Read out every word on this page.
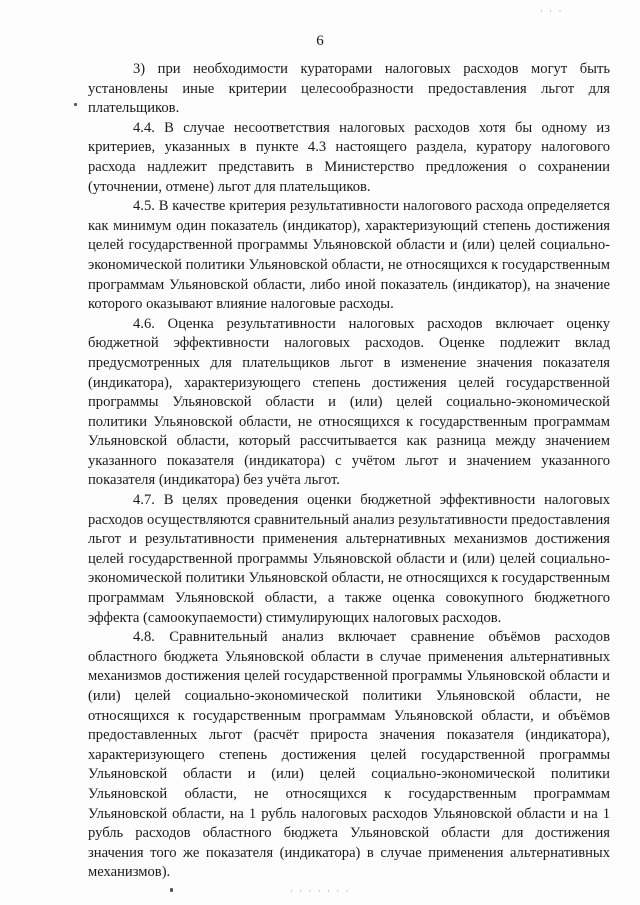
6

3) при необходимости кураторами налоговых расходов могут быть установлены иные критерии целесообразности предоставления льгот для плательщиков.

4.4. В случае несоответствия налоговых расходов хотя бы одному из критериев, указанных в пункте 4.3 настоящего раздела, куратору налогового расхода надлежит представить в Министерство предложения о сохранении (уточнении, отмене) льгот для плательщиков.

4.5. В качестве критерия результативности налогового расхода определяется как минимум один показатель (индикатор), характеризующий степень достижения целей государственной программы Ульяновской области и (или) целей социально-экономической политики Ульяновской области, не относящихся к государственным программам Ульяновской области, либо иной показатель (индикатор), на значение которого оказывают влияние налоговые расходы.

4.6. Оценка результативности налоговых расходов включает оценку бюджетной эффективности налоговых расходов. Оценке подлежит вклад предусмотренных для плательщиков льгот в изменение значения показателя (индикатора), характеризующего степень достижения целей государственной программы Ульяновской области и (или) целей социально-экономической политики Ульяновской области, не относящихся к государственным программам Ульяновской области, который рассчитывается как разница между значением указанного показателя (индикатора) с учётом льгот и значением указанного показателя (индикатора) без учёта льгот.

4.7. В целях проведения оценки бюджетной эффективности налоговых расходов осуществляются сравнительный анализ результативности предоставления льгот и результативности применения альтернативных механизмов достижения целей государственной программы Ульяновской области и (или) целей социально-экономической политики Ульяновской области, не относящихся к государственным программам Ульяновской области, а также оценка совокупного бюджетного эффекта (самоокупаемости) стимулирующих налоговых расходов.

4.8. Сравнительный анализ включает сравнение объёмов расходов областного бюджета Ульяновской области в случае применения альтернативных механизмов достижения целей государственной программы Ульяновской области и (или) целей социально-экономической политики Ульяновской области, не относящихся к государственным программам Ульяновской области, и объёмов предоставленных льгот (расчёт прироста значения показателя (индикатора), характеризующего степень достижения целей государственной программы Ульяновской области и (или) целей социально-экономической политики Ульяновской области, не относящихся к государственным программам Ульяновской области, на 1 рубль налоговых расходов Ульяновской области и на 1 рубль расходов областного бюджета Ульяновской области для достижения значения того же показателя (индикатора) в случае применения альтернативных механизмов).

· · ·
· · · · · · ·
